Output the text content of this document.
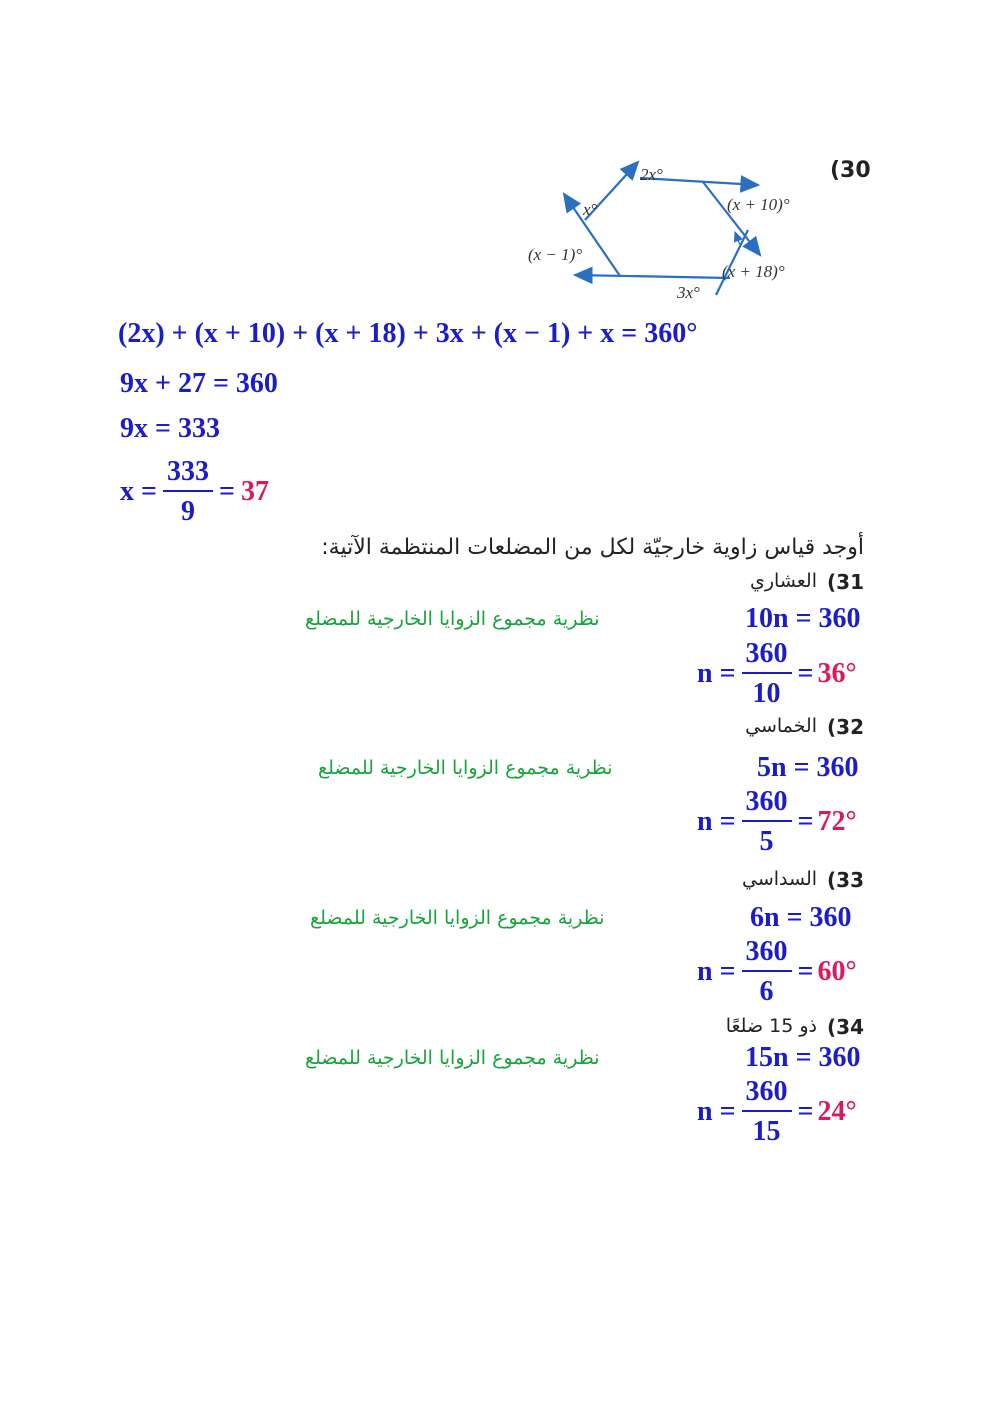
(30
2x°
(x + 10)°
(x + 18)°
3x°
(x − 1)°
x°
(2x) + (x + 10) + (x + 18) + 3x + (x − 1) + x = 360°
9x + 27 = 360
9x = 333
$x = \frac{333}{9} = 37$
أوجد قياس زاوية خارجيّة لكل من المضلعات المنتظمة الآتية:
31)
العشاري
نظرية مجموع الزوايا الخارجية للمضلع	10n = 360
$n = \frac{360}{10} = 36^\circ$
32)
الخماسي
نظرية مجموع الزوايا الخارجية للمضلع	5n = 360
$n = \frac{360}{5} = 72^\circ$
33)
السداسي
نظرية مجموع الزوايا الخارجية للمضلع	6n = 360
$n = \frac{360}{6} = 60^\circ$
34)
ذو 15 ضلعًا
نظرية مجموع الزوايا الخارجية للمضلع	15n = 360
$n = \frac{360}{15} = 24^\circ$
